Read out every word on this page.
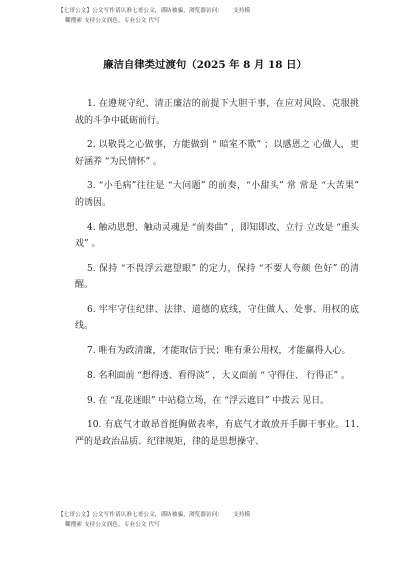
【七哥公文】公文写作请认准七哥公文，谨防被骗，浏览器访问： 支持模
糊搜索 支持公文润色，专业公文 代写
廉洁自律类过渡句（2025 年 8 月 18 日）

1. 在遵规守纪、清正廉洁的前提下大胆干事，在应对风险、克服挑战的斗争中砥砺前行。

2. 以敬畏之心做事，方能做到 “ 暗室不欺” ；以感恩之 心做人，更好涵养 “为民情怀” 。

3. “小毛病”往往是 “大问题” 的前奏，“小甜头” 常 常是 “大苦果” 的诱因。

4. 触动思想、触动灵魂是 “前奏曲” ，即知即改、立行 立改是 “重头戏” 。

5. 保持 “不畏浮云遮望眼” 的定力，保持 “不要人夸颜 色好” 的清醒。

6. 牢牢守住纪律、法律、道德的底线，守住做人、处事、用权的底线。

7. 唯有为政清廉，才能取信于民；唯有秉公用权，才能赢得人心。

8. 名利面前 “想得透、看得淡” ，大义面前 “ 守得住、 行得正” 。

9. 在 “乱花迷眼” 中站稳立场，在 “浮云遮目” 中拨云 见日。

10. 有底气才敢昂首挺胸做表率，有底气才敢放开手脚干事业。11. 严的是政治品质、纪律规矩，律的是思想操守、

【七哥公文】公文写作请认准七哥公文，谨防被骗，浏览器访问： 支持模
糊搜索 支持公文润色，专业公文 代写
